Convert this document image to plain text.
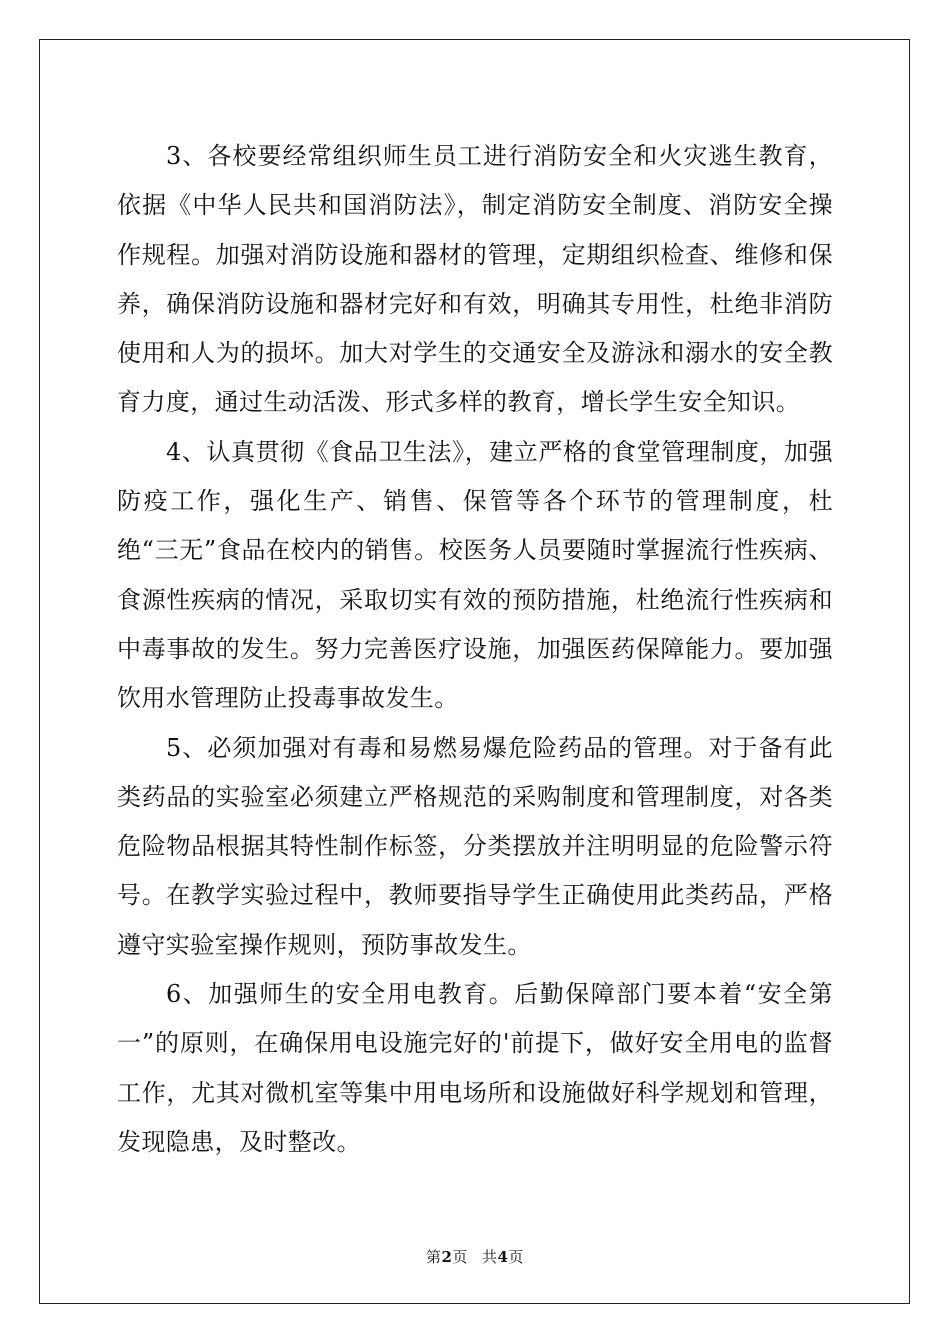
3、各校要经常组织师生员工进行消防安全和火灾逃生教育，依据《中华人民共和国消防法》，制定消防安全制度、消防安全操作规程。加强对消防设施和器材的管理，定期组织检查、维修和保养，确保消防设施和器材完好和有效，明确其专用性，杜绝非消防使用和人为的损坏。加大对学生的交通安全及游泳和溺水的安全教育力度，通过生动活泼、形式多样的教育，增长学生安全知识。

4、认真贯彻《食品卫生法》，建立严格的食堂管理制度，加强防疫工作，强化生产、销售、保管等各个环节的管理制度，杜绝“三无”食品在校内的销售。校医务人员要随时掌握流行性疾病、食源性疾病的情况，采取切实有效的预防措施，杜绝流行性疾病和中毒事故的发生。努力完善医疗设施，加强医药保障能力。要加强饮用水管理防止投毒事故发生。

5、必须加强对有毒和易燃易爆危险药品的管理。对于备有此类药品的实验室必须建立严格规范的采购制度和管理制度，对各类危险物品根据其特性制作标签，分类摆放并注明明显的危险警示符号。在教学实验过程中，教师要指导学生正确使用此类药品，严格遵守实验室操作规则，预防事故发生。

6、加强师生的安全用电教育。后勤保障部门要本着“安全第一”的原则，在确保用电设施完好的'前提下，做好安全用电的监督工作，尤其对微机室等集中用电场所和设施做好科学规划和管理，发现隐患，及时整改。

第2页 共4页
